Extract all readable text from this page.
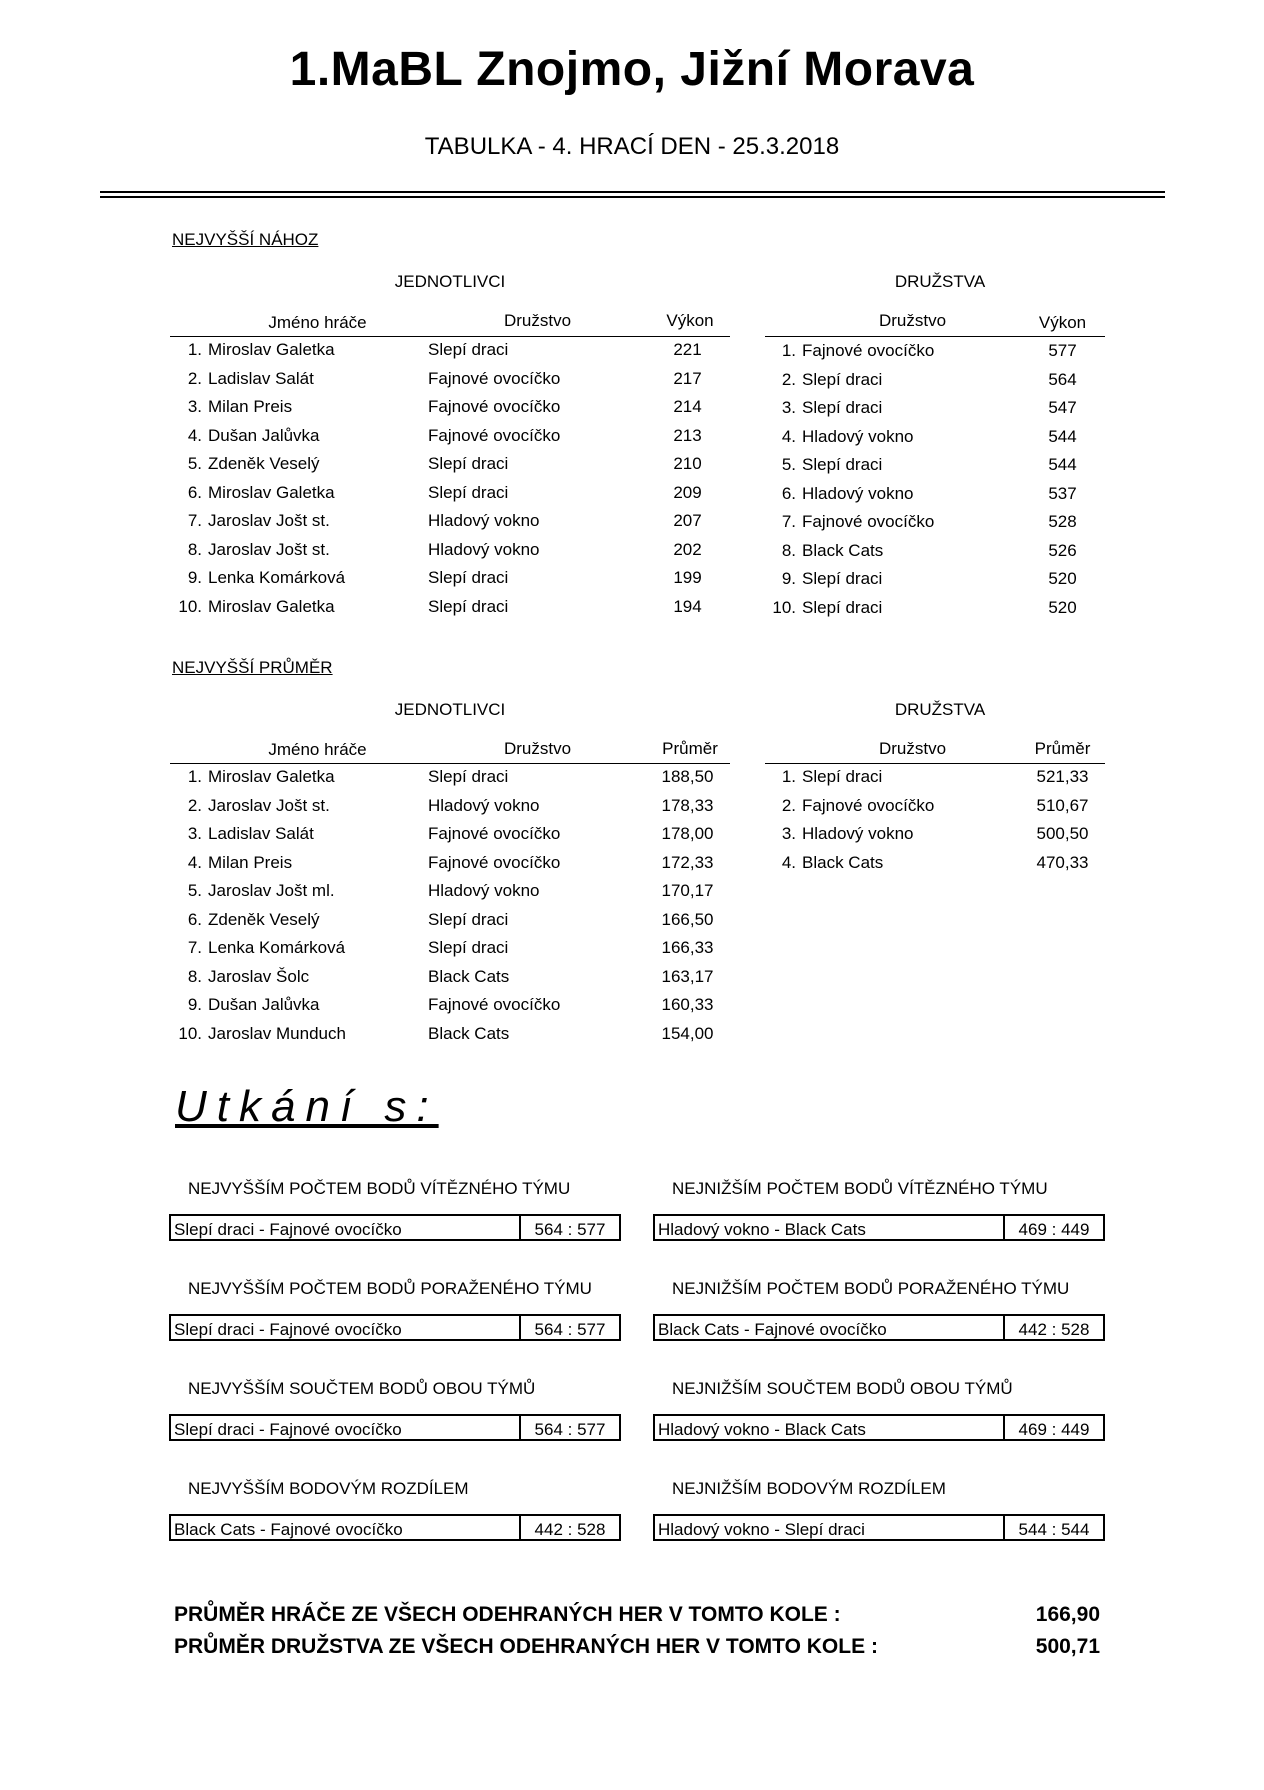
1.MaBL Znojmo, Jižní Morava
TABULKA - 4. HRACÍ DEN - 25.3.2018
NEJVYŠŠÍ NÁHOZ
JEDNOTLIVCI	DRUŽSTVA
Jméno hráče	Družstvo	Výkon	Družstvo	Výkon
1. Miroslav Galetka	Slepí draci	221
2. Ladislav Salát	Fajnové ovocíčko	217
3. Milan Preis	Fajnové ovocíčko	214
4. Dušan Jalůvka	Fajnové ovocíčko	213
5. Zdeněk Veselý	Slepí draci	210
6. Miroslav Galetka	Slepí draci	209
7. Jaroslav Jošt st.	Hladový vokno	207
8. Jaroslav Jošt st.	Hladový vokno	202
9. Lenka Komárková	Slepí draci	199
10. Miroslav Galetka	Slepí draci	194
1. Fajnové ovocíčko	577
2. Slepí draci	564
3. Slepí draci	547
4. Hladový vokno	544
5. Slepí draci	544
6. Hladový vokno	537
7. Fajnové ovocíčko	528
8. Black Cats	526
9. Slepí draci	520
10. Slepí draci	520
NEJVYŠŠÍ PRŮMĚR
JEDNOTLIVCI	DRUŽSTVA
Jméno hráče	Družstvo	Průměr	Družstvo	Průměr
1. Miroslav Galetka	Slepí draci	188,50
2. Jaroslav Jošt st.	Hladový vokno	178,33
3. Ladislav Salát	Fajnové ovocíčko	178,00
4. Milan Preis	Fajnové ovocíčko	172,33
5. Jaroslav Jošt ml.	Hladový vokno	170,17
6. Zdeněk Veselý	Slepí draci	166,50
7. Lenka Komárková	Slepí draci	166,33
8. Jaroslav Šolc	Black Cats	163,17
9. Dušan Jalůvka	Fajnové ovocíčko	160,33
10. Jaroslav Munduch	Black Cats	154,00
1. Slepí draci	521,33
2. Fajnové ovocíčko	510,67
3. Hladový vokno	500,50
4. Black Cats	470,33
Utkání s:
NEJVYŠŠÍM POČTEM BODŮ VÍTĚZNÉHO TÝMU
Slepí draci - Fajnové ovocíčko	564 : 577
NEJVYŠŠÍM POČTEM BODŮ PORAŽENÉHO TÝMU
Slepí draci - Fajnové ovocíčko	564 : 577
NEJVYŠŠÍM SOUČTEM BODŮ OBOU TÝMŮ
Slepí draci - Fajnové ovocíčko	564 : 577
NEJVYŠŠÍM BODOVÝM ROZDÍLEM
Black Cats - Fajnové ovocíčko	442 : 528
NEJNIŽŠÍM POČTEM BODŮ VÍTĚZNÉHO TÝMU
Hladový vokno - Black Cats	469 : 449
NEJNIŽŠÍM POČTEM BODŮ PORAŽENÉHO TÝMU
Black Cats - Fajnové ovocíčko	442 : 528
NEJNIŽŠÍM SOUČTEM BODŮ OBOU TÝMŮ
Hladový vokno - Black Cats	469 : 449
NEJNIŽŠÍM BODOVÝM ROZDÍLEM
Hladový vokno - Slepí draci	544 : 544
PRŮMĚR HRÁČE ZE VŠECH ODEHRANÝCH HER V TOMTO KOLE :	166,90
PRŮMĚR DRUŽSTVA ZE VŠECH ODEHRANÝCH HER V TOMTO KOLE :	500,71
